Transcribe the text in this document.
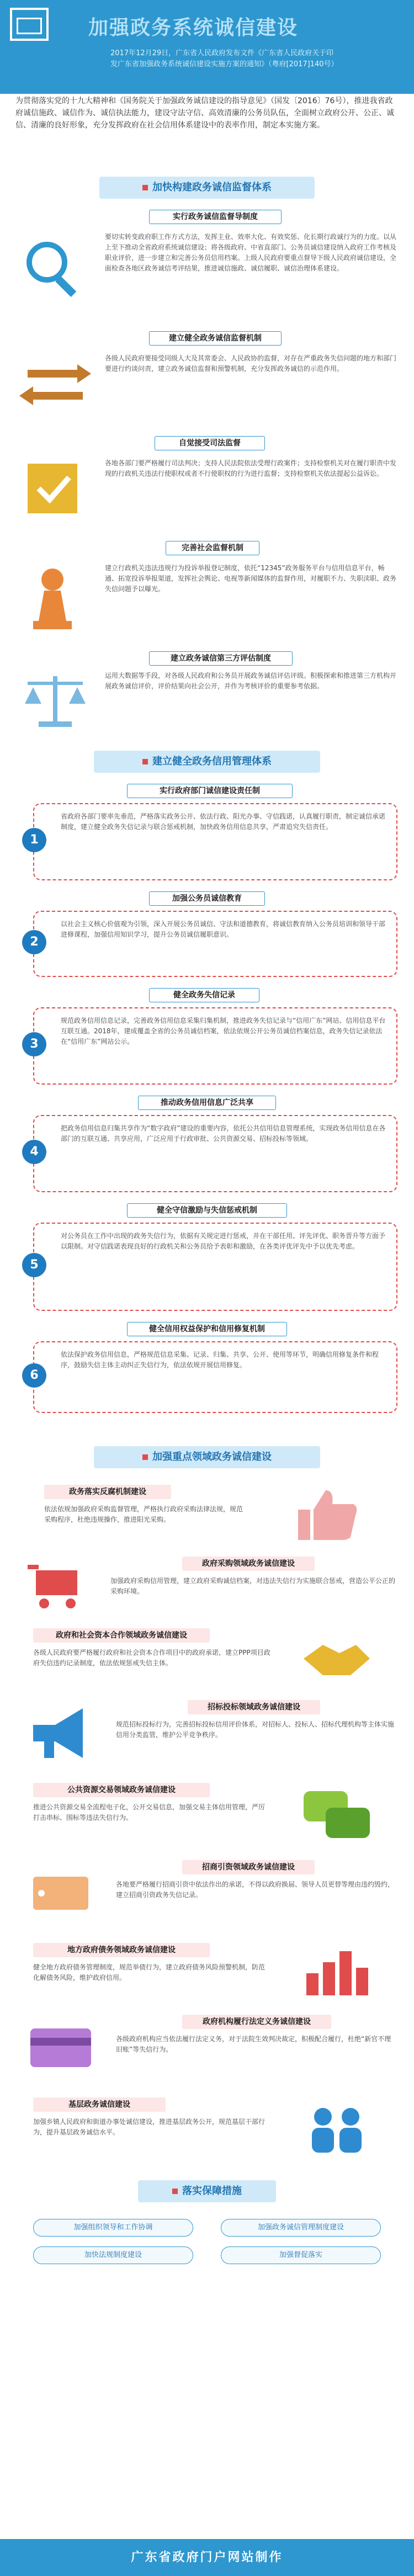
加强政务系统诚信建设
2017年12月29日，广东省人民政府发布文件《广东省人民政府关于印
发广东省加强政务系统诚信建设实施方案的通知》（粤府[2017]140号）
为贯彻落实党的十九大精神和《国务院关于加强政务诚信建设的指导意见》（国发〔2016〕76号），推进我省政府诚信施政、诚信作为、诚信执法能力，建设守法守信、高效清廉的公务员队伍，全面树立政府公开、公正、诚信、清廉的良好形象，充分发挥政府在社会信用体系建设中的表率作用，制定本实施方案。
加快构建政务诚信监督体系
实行政务诚信监督导制度
要切实转变政府职工作方式方法，发挥主业、效率大化、有效奖惩、化长期行政诚行为的力度。以从上至下推动全省政府系统诚信建设；将各级政府、中省直部门、公务员诚信建设纳入政府工作考核及职业评价，进一步建立和完善公务员信用档案。上级人民政府要重点督导下级人民政府诚信建设，全面检查各地区政务诚信考评结果，推进诚信施政、诚信履职、诚信治理体系建设。
建立健全政务诚信监督机制
各级人民政府要接受同级人大及其常委会、人民政协的监督，对存在严重政务失信问题的地方和部门要进行约谈问责，建立政务诚信监督和预警机制，充分发挥政务诚信的示范作用。
自觉接受司法监督
各地各部门要严格履行司法判决；支持人民法院依法受理行政案件；支持检察机关对在履行职责中发现的行政机关违法行使职权或者不行使职权的行为进行监督；支持检察机关依法提起公益诉讼。
完善社会监督机制
建立行政机关违法违规行为投诉举报登记制度，依托“12345”政务服务平台与信用信息平台，畅通、拓宽投诉举报渠道，发挥社会舆论、电视等新闻媒体的监督作用，对履职不力、失职渎职、政务失信问题予以曝光。
建立政务诚信第三方评估制度
运用大数据等手段，对各级人民政府和公务员开展政务诚信评估评级。积极探索和推进第三方机构开展政务诚信评价，评价结果向社会公开，并作为考核评价的重要参考依据。
建立健全政务信用管理体系
实行政府部门诚信建设责任制
1
省政府各部门要率先垂范，严格落实政务公开、依法行政、阳光办事、守信践诺，认真履行职责，制定诚信承诺制度，建立健全政务失信记录与联合惩戒机制，加快政务信用信息共享，严肃追究失信责任。
加强公务员诚信教育
2
以社会主义核心价值观为引领，深入开展公务员诚信、守法和道德教育，将诚信教育纳入公务员培训和领导干部进修课程，加强信用知识学习，提升公务员诚信履职意识。
健全政务失信记录
3
规范政务信用信息记录，完善政务信用信息采集归集机制，推进政务失信记录与“信用广东”网站、信用信息平台互联互通。2018年，建成覆盖全省的公务员诚信档案，依法依规公开公务员诚信档案信息，政务失信记录依法在“信用广东”网站公示。
推动政务信用信息广泛共享
4
把政务信用信息归集共享作为“数字政府”建设的重要内容，依托公共信用信息管理系统，实现政务信用信息在各部门的互联互通、共享应用，广泛应用于行政审批、公共资源交易、招标投标等领域。
健全守信激励与失信惩戒机制
5
对公务员在工作中出现的政务失信行为，依据有关规定进行惩戒，并在干部任用、评先评优、职务晋升等方面予以限制。对守信践诺表现良好的行政机关和公务员给予表彰和激励，在各类评优评先中予以优先考虑。
健全信用权益保护和信用修复机制
6
依法保护政务信用信息，严格规范信息采集、记录、归集、共享、公开、使用等环节，明确信用修复条件和程序，鼓励失信主体主动纠正失信行为，依法依规开展信用修复。
加强重点领域政务诚信建设
政务落实反腐机制建设
依法依规加强政府采购监督管理，严格执行政府采购法律法规，规范采购程序，杜绝违规操作，推进阳光采购。
政府采购领域政务诚信建设
加强政府采购信用管理，建立政府采购诚信档案，对违法失信行为实施联合惩戒，营造公平公正的采购环境。
政府和社会资本合作领域政务诚信建设
各级人民政府要严格履行政府和社会资本合作项目中的政府承诺，建立PPP项目政府失信违约记录制度，依法依规惩戒失信主体。
招标投标领域政务诚信建设
规范招标投标行为，完善招标投标信用评价体系，对招标人、投标人、招标代理机构等主体实施信用分类监管，维护公平竞争秩序。
公共资源交易领域政务诚信建设
推进公共资源交易全流程电子化，公开交易信息，加强交易主体信用管理，严厉打击串标、围标等违法失信行为。
招商引资领域政务诚信建设
各地要严格履行招商引资中依法作出的承诺，不得以政府换届、领导人员更替等理由违约毁约，建立招商引资政务失信记录。
地方政府债务领域政务诚信建设
健全地方政府债务管理制度，规范举债行为，建立政府债务风险预警机制，防范化解债务风险，维护政府信用。
政府机构履行法定义务诚信建设
各级政府机构应当依法履行法定义务，对于法院生效判决裁定，积极配合履行，杜绝“新官不理旧账”等失信行为。
基层政务诚信建设
加强乡镇人民政府和街道办事处诚信建设，推进基层政务公开，规范基层干部行为，提升基层政务诚信水平。
落实保障措施
加强组织领导和工作协调	加强政务诚信管理制度建设
加快法规制度建设	加强督促落实
广东省政府门户网站制作
